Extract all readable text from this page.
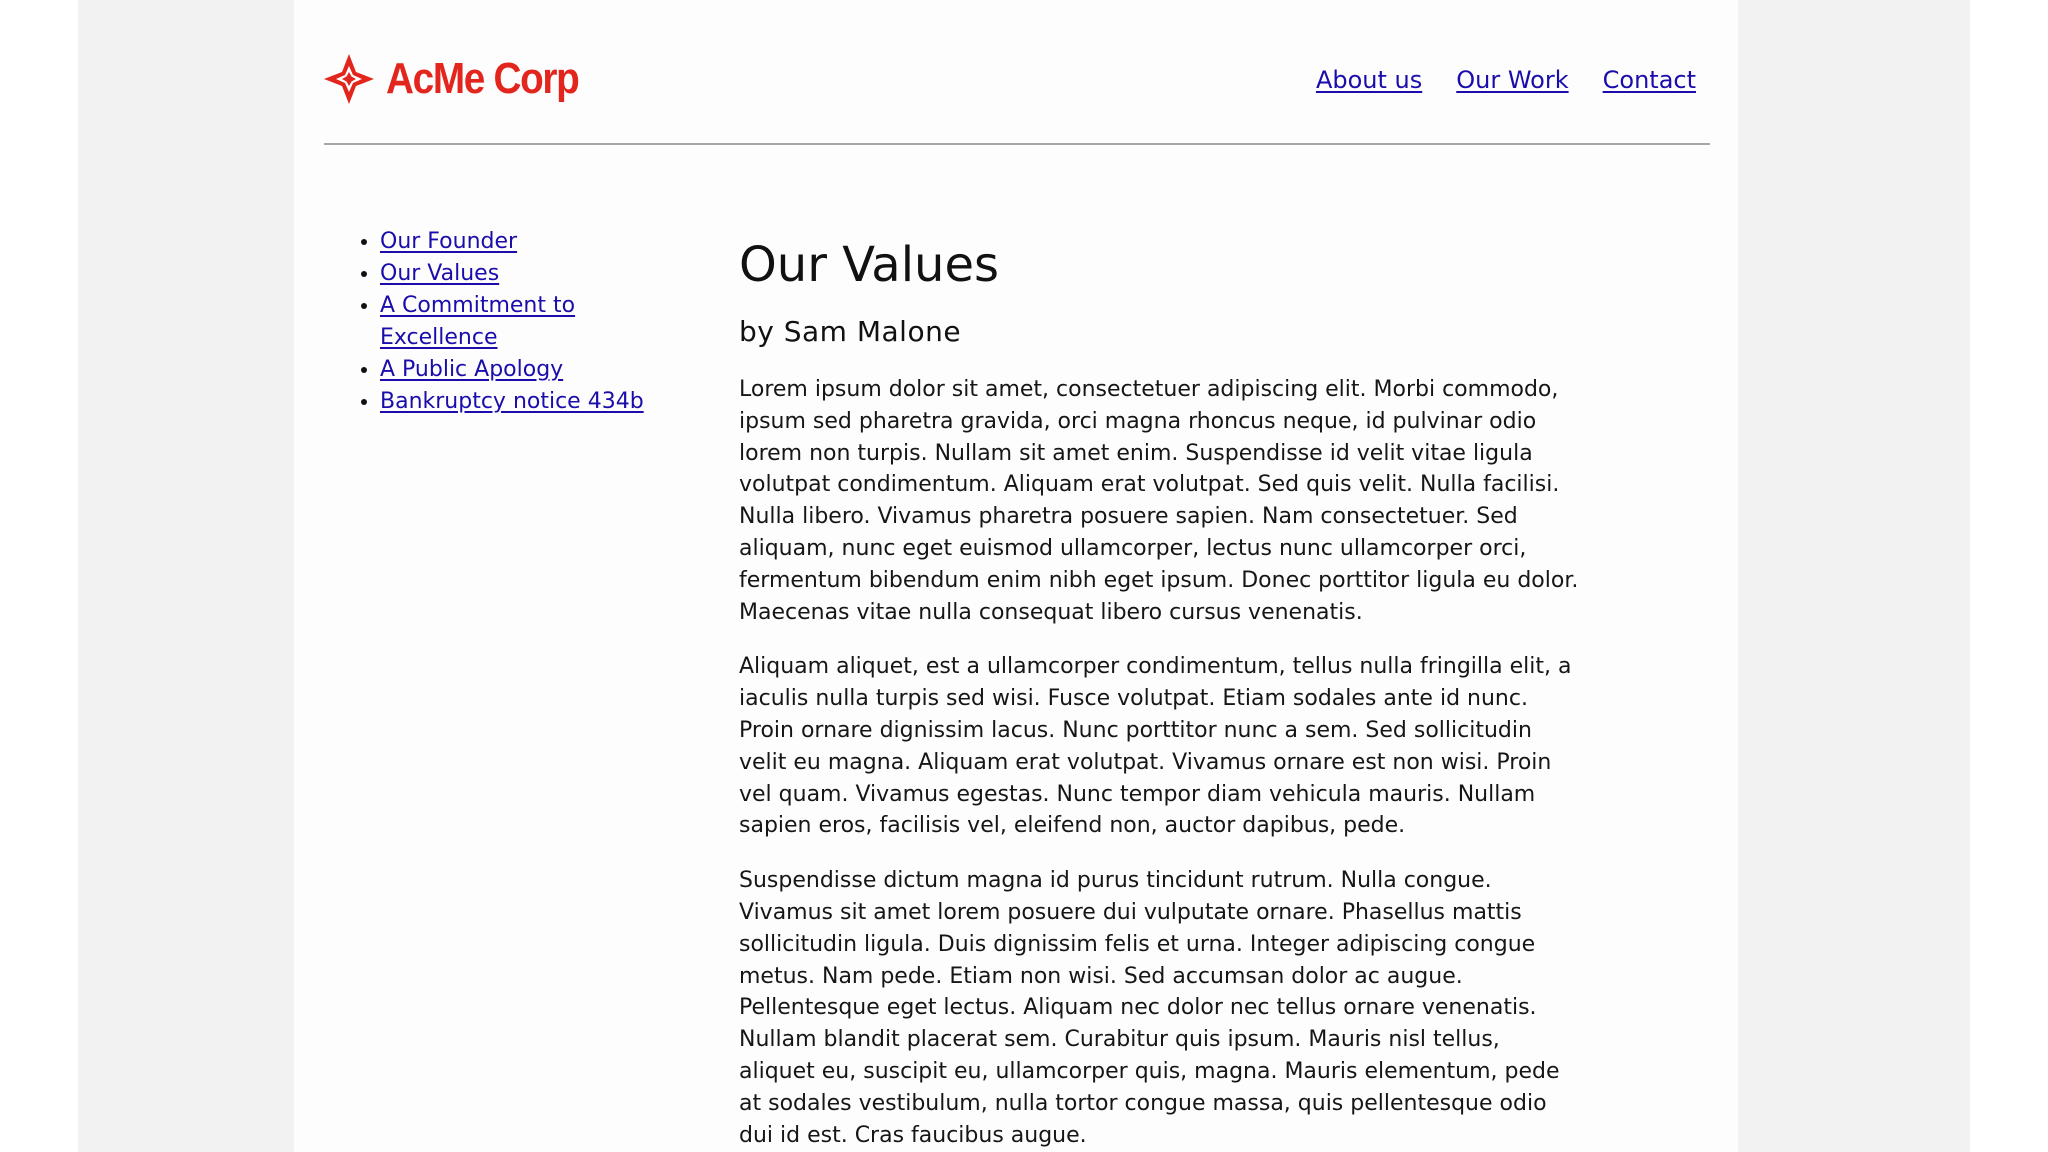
AcMe Corp	About us Our Work Contact
• Our Founder
• Our Values
• A Commitment to Excellence
• A Public Apology
• Bankruptcy notice 434b
Our Values
by Sam Malone

Lorem ipsum dolor sit amet, consectetuer adipiscing elit. Morbi commodo, ipsum sed pharetra gravida, orci magna rhoncus neque, id pulvinar odio lorem non turpis. Nullam sit amet enim. Suspendisse id velit vitae ligula volutpat condimentum. Aliquam erat volutpat. Sed quis velit. Nulla facilisi. Nulla libero. Vivamus pharetra posuere sapien. Nam consectetuer. Sed aliquam, nunc eget euismod ullamcorper, lectus nunc ullamcorper orci, fermentum bibendum enim nibh eget ipsum. Donec porttitor ligula eu dolor. Maecenas vitae nulla consequat libero cursus venenatis.

Aliquam aliquet, est a ullamcorper condimentum, tellus nulla fringilla elit, a iaculis nulla turpis sed wisi. Fusce volutpat. Etiam sodales ante id nunc. Proin ornare dignissim lacus. Nunc porttitor nunc a sem. Sed sollicitudin velit eu magna. Aliquam erat volutpat. Vivamus ornare est non wisi. Proin vel quam. Vivamus egestas. Nunc tempor diam vehicula mauris. Nullam sapien eros, facilisis vel, eleifend non, auctor dapibus, pede.

Suspendisse dictum magna id purus tincidunt rutrum. Nulla congue. Vivamus sit amet lorem posuere dui vulputate ornare. Phasellus mattis sollicitudin ligula. Duis dignissim felis et urna. Integer adipiscing congue metus. Nam pede. Etiam non wisi. Sed accumsan dolor ac augue. Pellentesque eget lectus. Aliquam nec dolor nec tellus ornare venenatis. Nullam blandit placerat sem. Curabitur quis ipsum. Mauris nisl tellus, aliquet eu, suscipit eu, ullamcorper quis, magna. Mauris elementum, pede at sodales vestibulum, nulla tortor congue massa, quis pellentesque odio dui id est. Cras faucibus augue.
